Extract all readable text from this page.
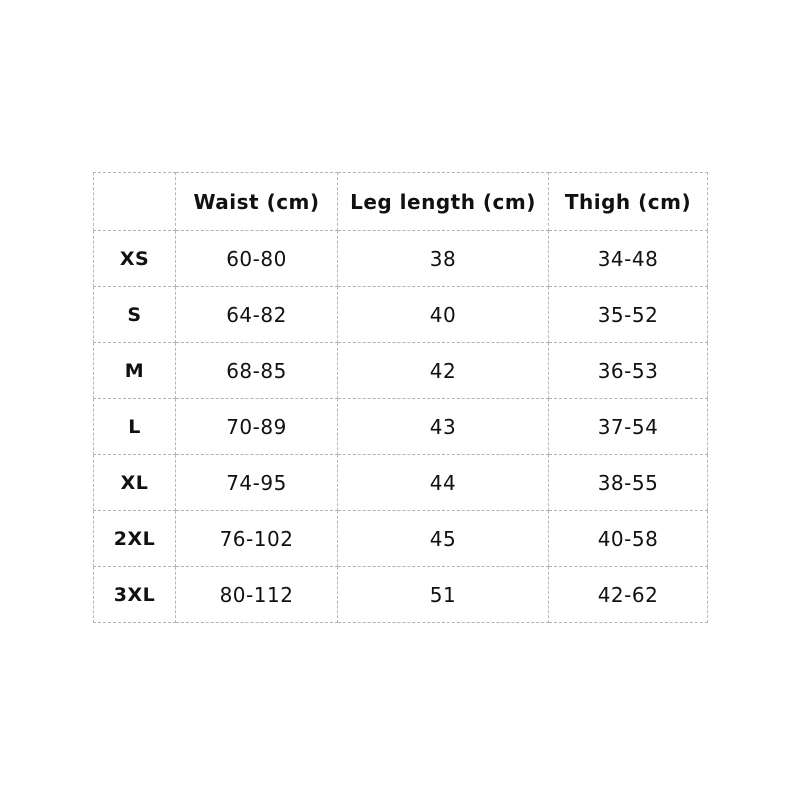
	Waist (cm)	Leg length (cm)	Thigh (cm)
XS	60-80	38	34-48
S	64-82	40	35-52
M	68-85	42	36-53
L	70-89	43	37-54
XL	74-95	44	38-55
2XL	76-102	45	40-58
3XL	80-112	51	42-62
